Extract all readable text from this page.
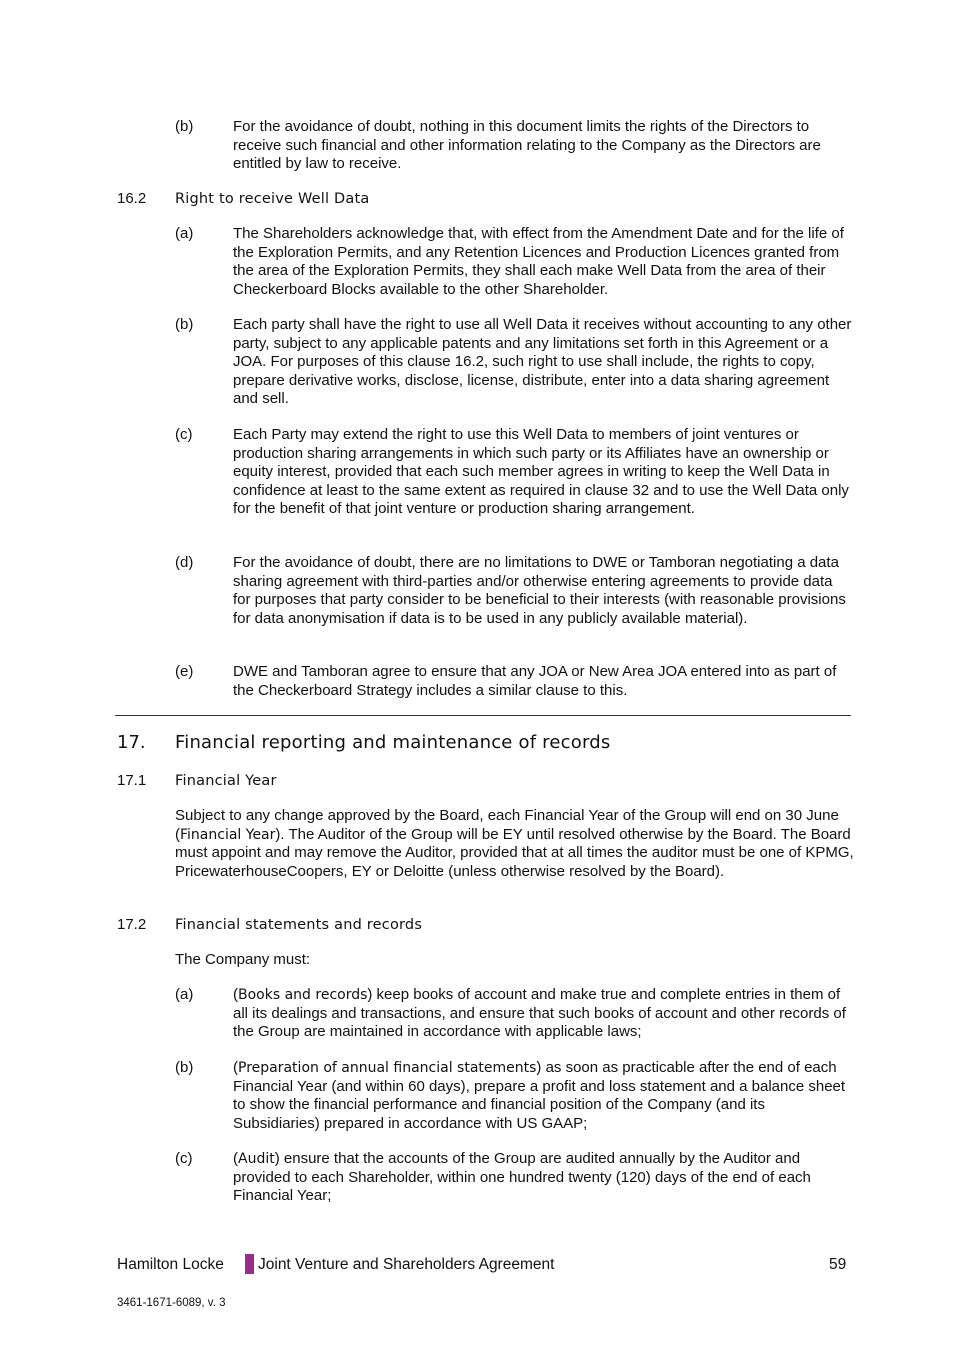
(b)	For the avoidance of doubt, nothing in this document limits the rights of the Directors to receive such financial and other information relating to the Company as the Directors are entitled by law to receive.
16.2 Right to receive Well Data
(a)	The Shareholders acknowledge that, with effect from the Amendment Date and for the life of the Exploration Permits, and any Retention Licences and Production Licences granted from the area of the Exploration Permits, they shall each make Well Data from the area of their Checkerboard Blocks available to the other Shareholder.
(b)	Each party shall have the right to use all Well Data it receives without accounting to any other party, subject to any applicable patents and any limitations set forth in this Agreement or a JOA. For purposes of this clause 16.2, such right to use shall include, the rights to copy, prepare derivative works, disclose, license, distribute, enter into a data sharing agreement and sell.
(c)	Each Party may extend the right to use this Well Data to members of joint ventures or production sharing arrangements in which such party or its Affiliates have an ownership or equity interest, provided that each such member agrees in writing to keep the Well Data in confidence at least to the same extent as required in clause 32 and to use the Well Data only for the benefit of that joint venture or production sharing arrangement.
(d)	For the avoidance of doubt, there are no limitations to DWE or Tamboran negotiating a data sharing agreement with third-parties and/or otherwise entering agreements to provide data for purposes that party consider to be beneficial to their interests (with reasonable provisions for data anonymisation if data is to be used in any publicly available material).
(e)	DWE and Tamboran agree to ensure that any JOA or New Area JOA entered into as part of the Checkerboard Strategy includes a similar clause to this.
17. Financial reporting and maintenance of records
17.1 Financial Year
Subject to any change approved by the Board, each Financial Year of the Group will end on 30 June (Financial Year). The Auditor of the Group will be EY until resolved otherwise by the Board. The Board must appoint and may remove the Auditor, provided that at all times the auditor must be one of KPMG, PricewaterhouseCoopers, EY or Deloitte (unless otherwise resolved by the Board).
17.2 Financial statements and records
The Company must:
(a)	(Books and records) keep books of account and make true and complete entries in them of all its dealings and transactions, and ensure that such books of account and other records of the Group are maintained in accordance with applicable laws;
(b)	(Preparation of annual financial statements) as soon as practicable after the end of each Financial Year (and within 60 days), prepare a profit and loss statement and a balance sheet to show the financial performance and financial position of the Company (and its Subsidiaries) prepared in accordance with US GAAP;
(c)	(Audit) ensure that the accounts of the Group are audited annually by the Auditor and provided to each Shareholder, within one hundred twenty (120) days of the end of each Financial Year;
Hamilton Locke Joint Venture and Shareholders Agreement	59
3461-1671-6089, v. 3
